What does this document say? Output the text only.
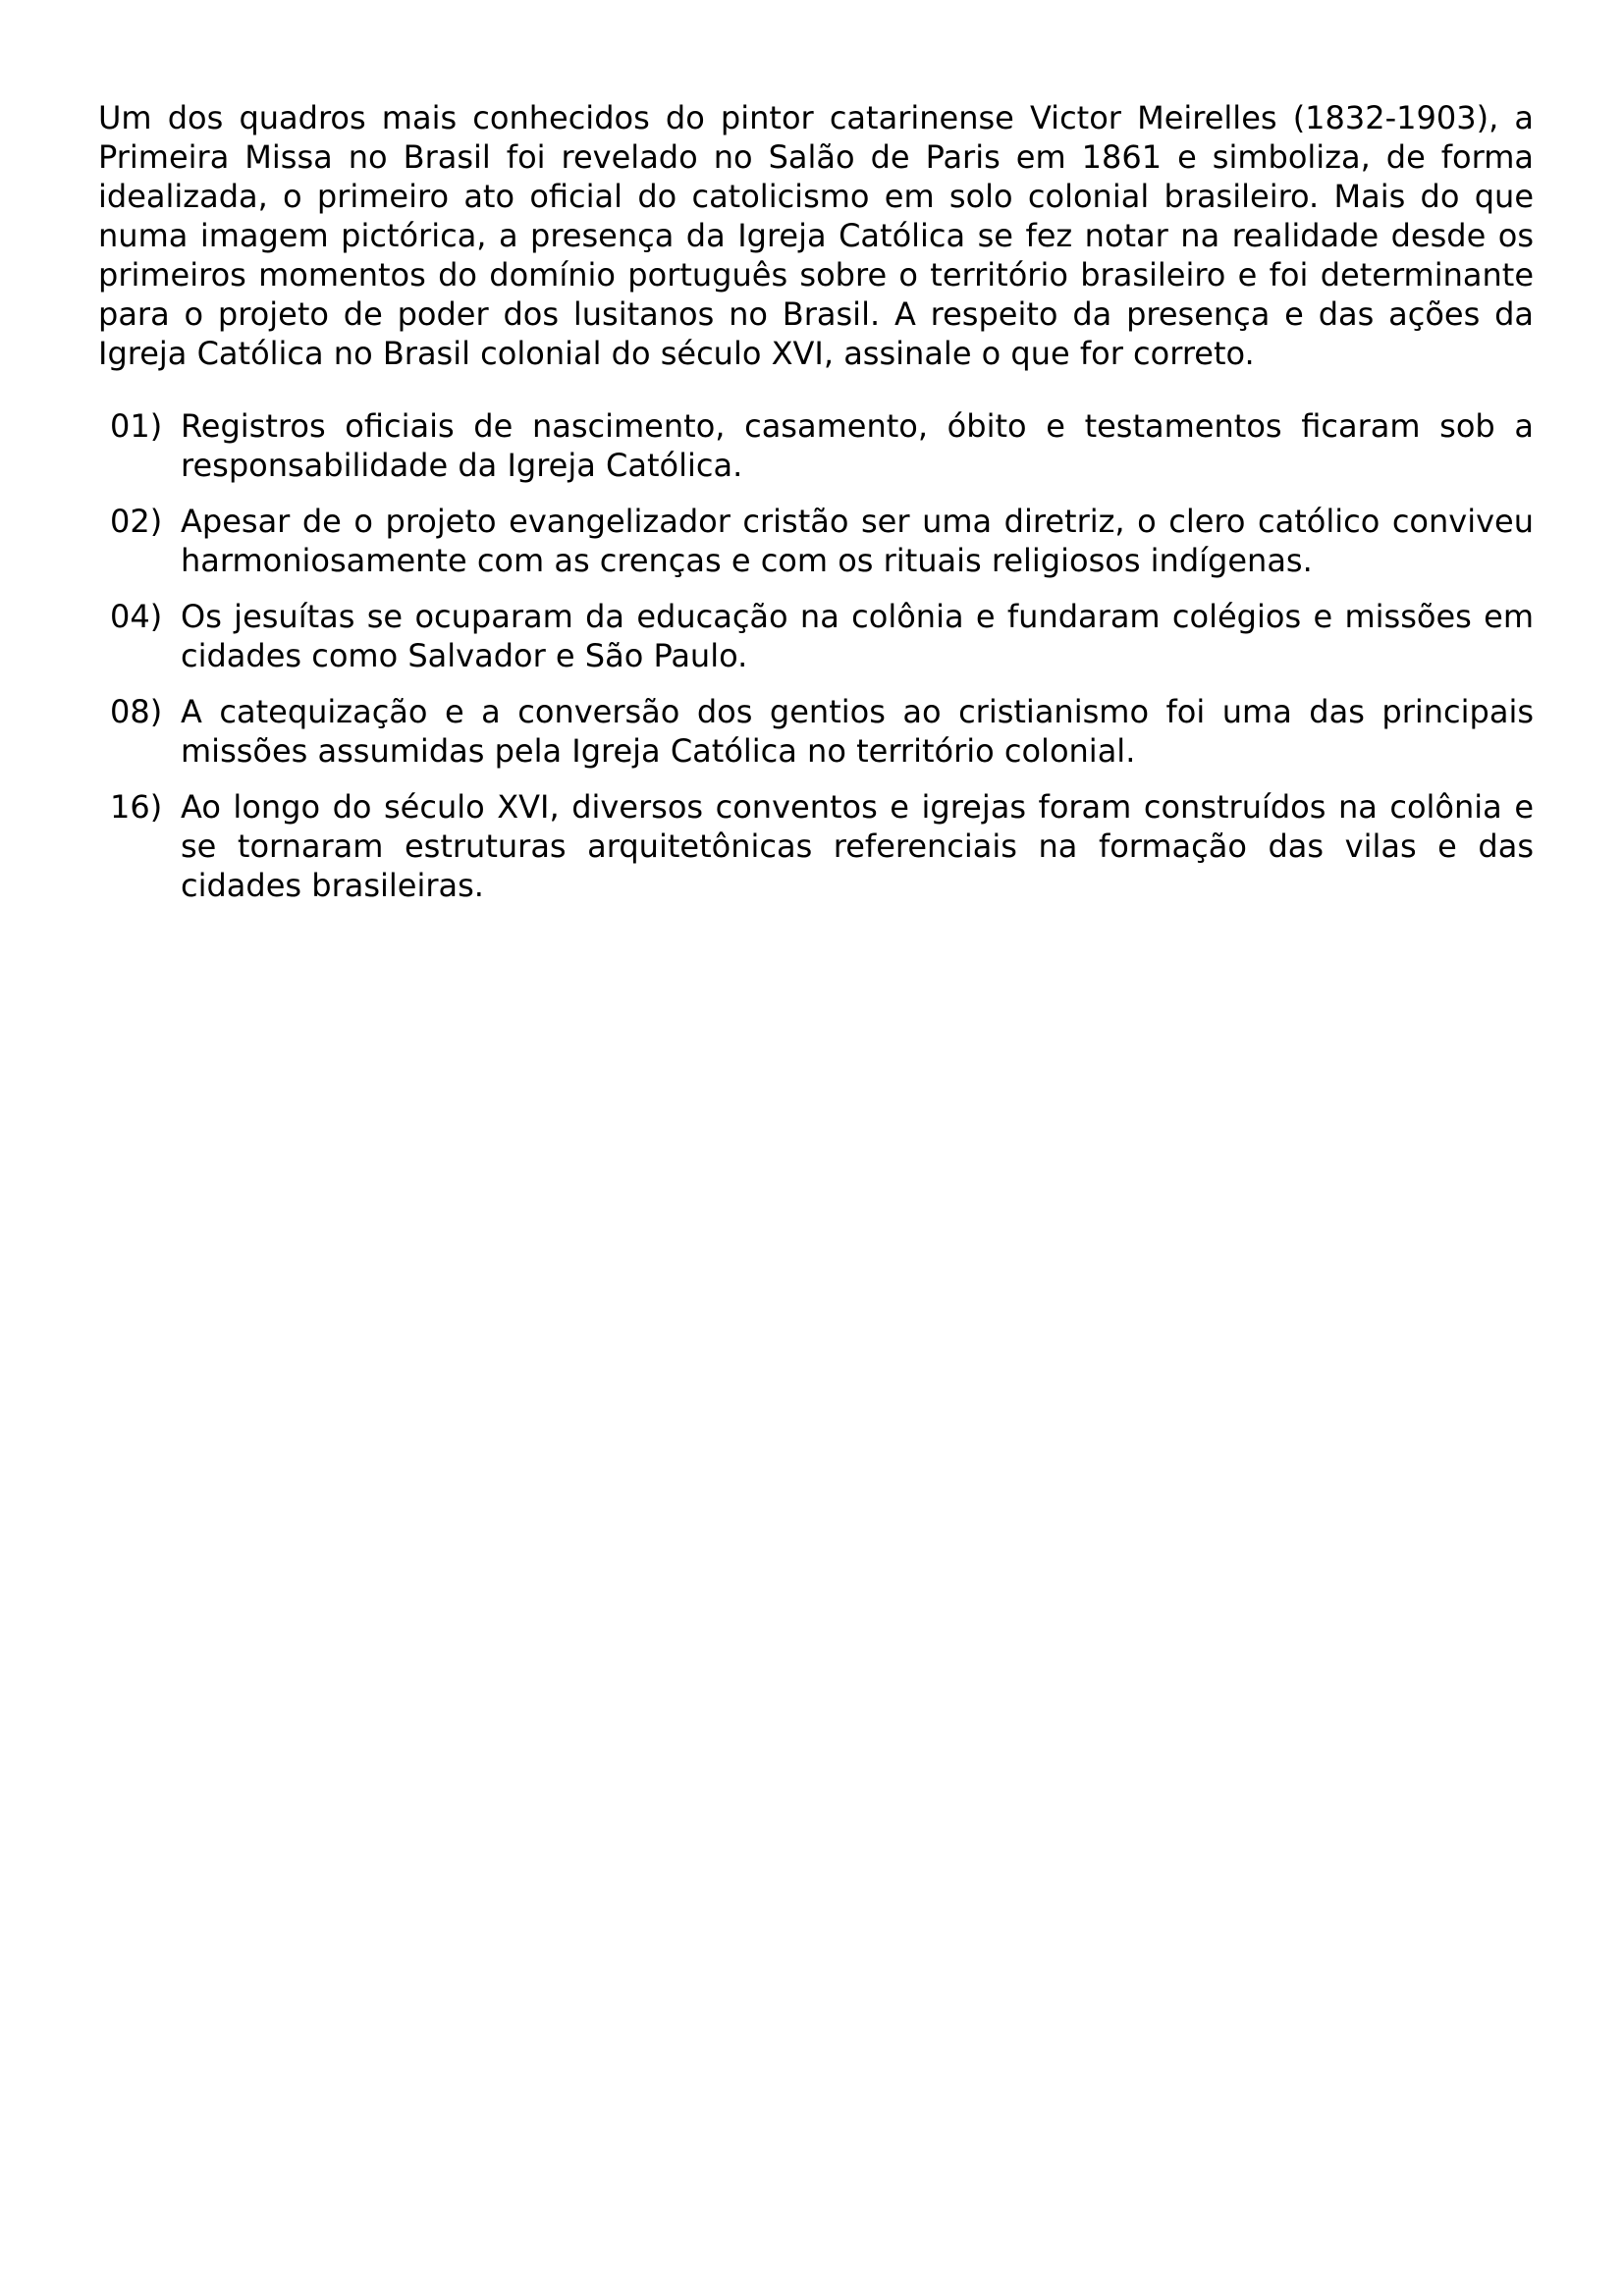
Um dos quadros mais conhecidos do pintor catarinense Victor Meirelles (1832-1903), a Primeira Missa no Brasil foi revelado no Salão de Paris em 1861 e simboliza, de forma idealizada, o primeiro ato oficial do catolicismo em solo colonial brasileiro. Mais do que numa imagem pictórica, a presença da Igreja Católica se fez notar na realidade desde os primeiros momentos do domínio português sobre o território brasileiro e foi determinante para o projeto de poder dos lusitanos no Brasil. A respeito da presença e das ações da Igreja Católica no Brasil colonial do século XVI, assinale o que for correto.

01) Registros oficiais de nascimento, casamento, óbito e testamentos ficaram sob a responsabilidade da Igreja Católica.
02) Apesar de o projeto evangelizador cristão ser uma diretriz, o clero católico conviveu harmoniosamente com as crenças e com os rituais religiosos indígenas.
04) Os jesuítas se ocuparam da educação na colônia e fundaram colégios e missões em cidades como Salvador e São Paulo.
08) A catequização e a conversão dos gentios ao cristianismo foi uma das principais missões assumidas pela Igreja Católica no território colonial.
16) Ao longo do século XVI, diversos conventos e igrejas foram construídos na colônia e se tornaram estruturas arquitetônicas referenciais na formação das vilas e das cidades brasileiras.
